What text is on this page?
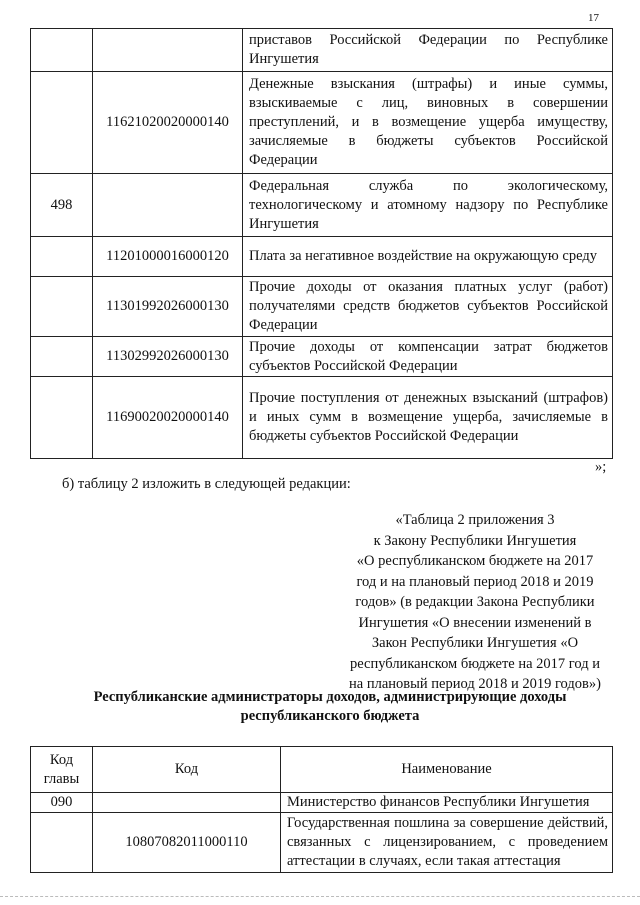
17
		приставов Российской Федерации по Республике Ингушетия
	11621020020000140	Денежные взыскания (штрафы) и иные суммы, взыскиваемые с лиц, виновных в совершении преступлений, и в возмещение ущерба имуществу, зачисляемые в бюджеты субъектов Российской Федерации
498		Федеральная служба по экологическому, технологическому и атомному надзору по Республике Ингушетия
	11201000016000120	Плата за негативное воздействие на окружающую среду
	11301992026000130	Прочие доходы от оказания платных услуг (работ) получателями средств бюджетов субъектов Российской Федерации
	11302992026000130	Прочие доходы от компенсации затрат бюджетов субъектов Российской Федерации
	11690020020000140	Прочие поступления от денежных взысканий (штрафов) и иных сумм в возмещение ущерба, зачисляемые в бюджеты субъектов Российской Федерации
»;
б) таблицу 2 изложить в следующей редакции:
«Таблица 2 приложения 3
к Закону Республики Ингушетия
«О республиканском бюджете на 2017
год и на плановый период 2018 и 2019
годов» (в редакции Закона Республики
Ингушетия «О внесении изменений в
Закон Республики Ингушетия «О
республиканском бюджете на 2017 год и
на плановый период 2018 и 2019 годов»)
Республиканские администраторы доходов, администрирующие доходы
республиканского бюджета
Код главы	Код	Наименование
090		Министерство финансов Республики Ингушетия
	10807082011000110	Государственная пошлина за совершение действий, связанных с лицензированием, с проведением аттестации в случаях, если такая аттестация
